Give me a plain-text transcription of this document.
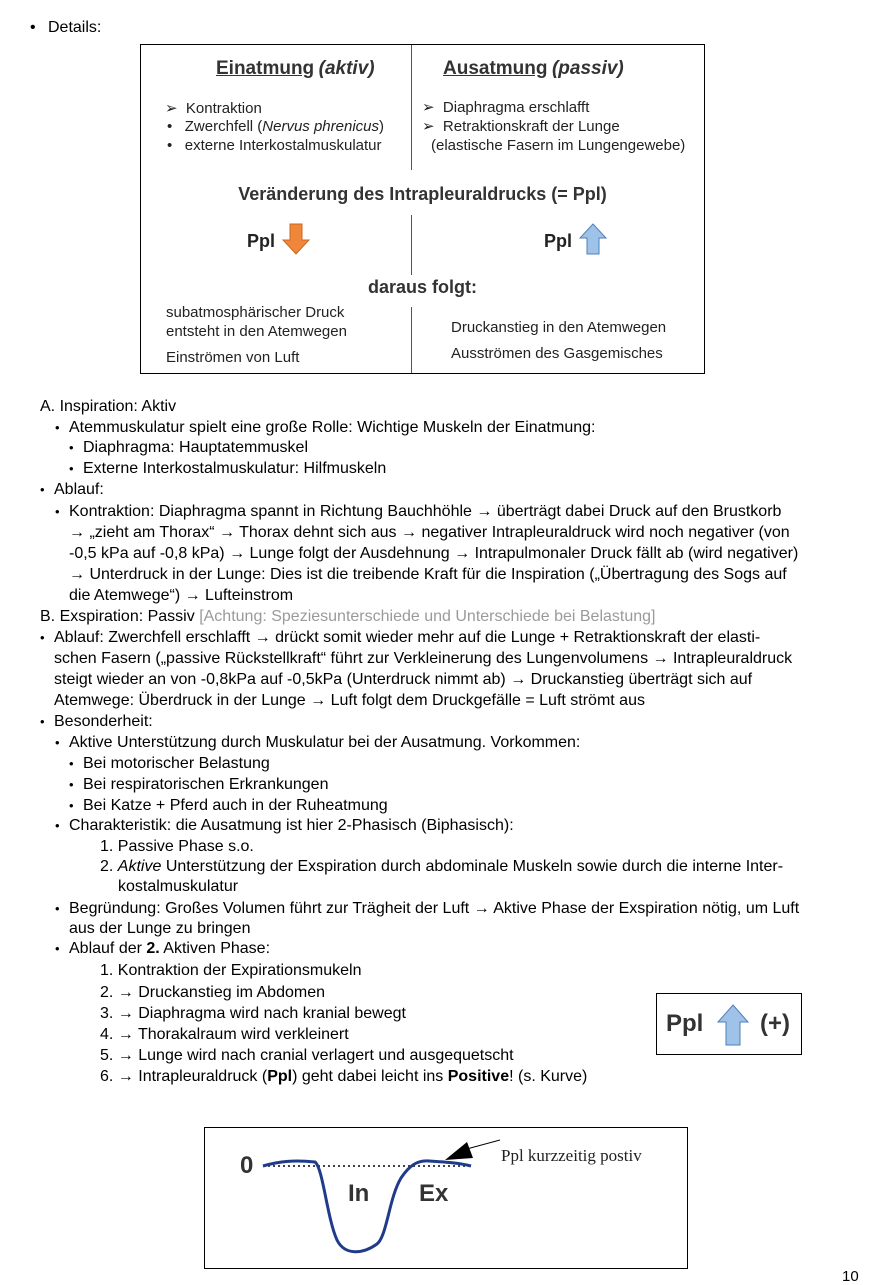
• Details:
Einatmung (aktiv)	Ausatmung (passiv)
➢  Kontraktion
•   Zwerchfell (Nervus phrenicus)
•   externe Interkostalmuskulatur
➢  Diaphragma erschlafft
➢  Retraktionskraft der Lunge
(elastische Fasern im Lungengewebe)
Veränderung des Intrapleuraldrucks (= Ppl)
Ppl	Ppl
daraus folgt:
subatmosphärischer Druck
entsteht in den Atemwegen
Einströmen von Luft
Druckanstieg in den Atemwegen
Ausströmen des Gasgemisches
A. Inspiration: Aktiv
• Atemmuskulatur spielt eine große Rolle: Wichtige Muskeln der Einatmung:
• Diaphragma: Hauptatemmuskel
• Externe Interkostalmuskulatur: Hilfmuskeln
• Ablauf:
• Kontraktion: Diaphragma spannt in Richtung Bauchhöhle → überträgt dabei Druck auf den Brustkorb
→ „zieht am Thorax“ → Thorax dehnt sich aus → negativer Intrapleuraldruck wird noch negativer (von
-0,5 kPa auf -0,8 kPa) → Lunge folgt der Ausdehnung → Intrapulmonaler Druck fällt ab (wird negativer)
→ Unterdruck in der Lunge: Dies ist die treibende Kraft für die Inspiration („Übertragung des Sogs auf
die Atemwege“) → Lufteinstrom
B. Exspiration: Passiv [Achtung: Speziesunterschiede und Unterschiede bei Belastung]
• Ablauf: Zwerchfell erschlafft → drückt somit wieder mehr auf die Lunge + Retraktionskraft der elasti-
schen Fasern („passive Rückstellkraft“ führt zur Verkleinerung des Lungenvolumens → Intrapleuraldruck
steigt wieder an von -0,8kPa auf -0,5kPa (Unterdruck nimmt ab) → Druckanstieg überträgt sich auf
Atemwege: Überdruck in der Lunge → Luft folgt dem Druckgefälle = Luft strömt aus
• Besonderheit:
• Aktive Unterstützung durch Muskulatur bei der Ausatmung. Vorkommen:
• Bei motorischer Belastung
• Bei respiratorischen Erkrankungen
• Bei Katze + Pferd auch in der Ruheatmung
• Charakteristik: die Ausatmung ist hier 2-Phasisch (Biphasisch):
1. Passive Phase s.o.
2. Aktive Unterstützung der Exspiration durch abdominale Muskeln sowie durch die interne Inter-
kostalmuskulatur
• Begründung: Großes Volumen führt zur Trägheit der Luft → Aktive Phase der Exspiration nötig, um Luft
aus der Lunge zu bringen
• Ablauf der 2. Aktiven Phase:
1. Kontraktion der Expirationsmukeln
2. → Druckanstieg im Abdomen
3. → Diaphragma wird nach kranial bewegt
4. → Thorakalraum wird verkleinert
5. → Lunge wird nach cranial verlagert und ausgequetscht
6. → Intrapleuraldruck (Ppl) geht dabei leicht ins Positive! (s. Kurve)
Ppl (+)
0
In Ex
Ppl kurzzeitig postiv
10
